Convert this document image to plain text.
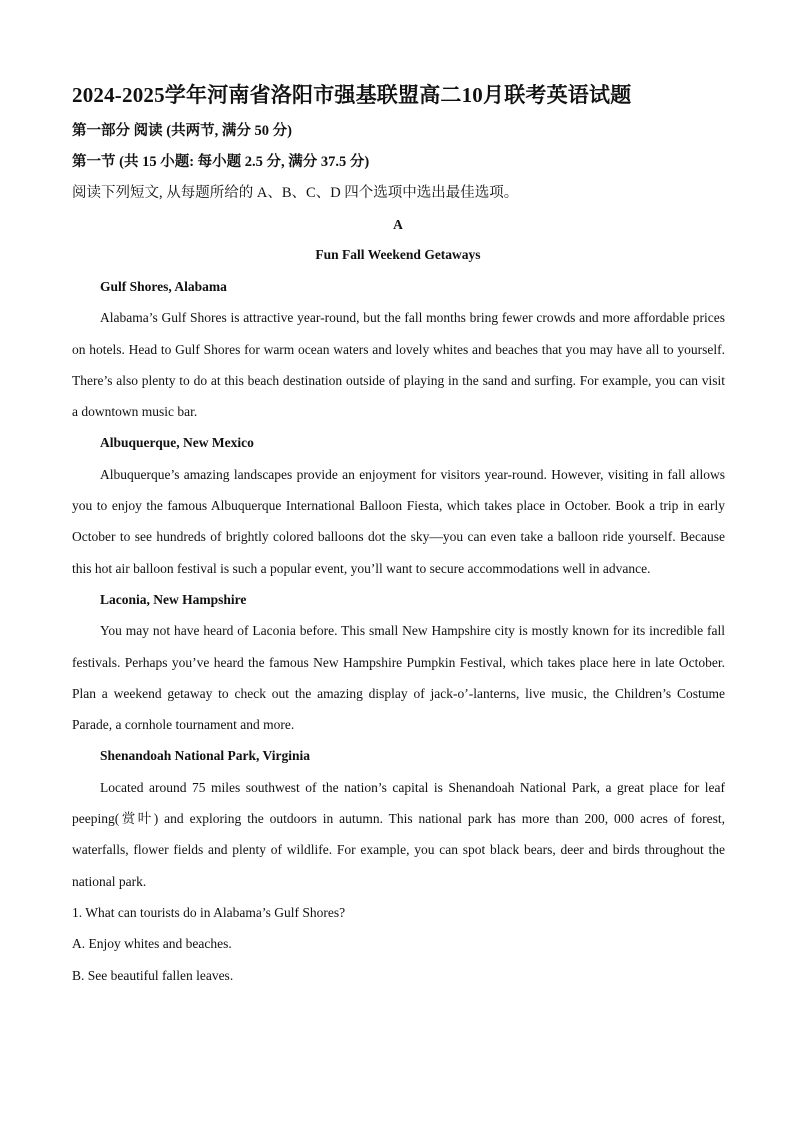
2024-2025学年河南省洛阳市强基联盟高二10月联考英语试题
第一部分 阅读 (共两节, 满分 50 分)
第一节 (共 15 小题: 每小题 2.5 分, 满分 37.5 分)
阅读下列短文, 从每题所给的 A、B、C、D 四个选项中选出最佳选项。
A
Fun Fall Weekend Getaways

Gulf Shores, Alabama

Alabama’s Gulf Shores is attractive year-round, but the fall months bring fewer crowds and more affordable prices on hotels. Head to Gulf Shores for warm ocean waters and lovely whites and beaches that you may have all to yourself. There’s also plenty to do at this beach destination outside of playing in the sand and surfing. For example, you can visit a downtown music bar.

Albuquerque, New Mexico

Albuquerque’s amazing landscapes provide an enjoyment for visitors year-round. However, visiting in fall allows you to enjoy the famous Albuquerque International Balloon Fiesta, which takes place in October. Book a trip in early October to see hundreds of brightly colored balloons dot the sky—you can even take a balloon ride yourself. Because this hot air balloon festival is such a popular event, you’ll want to secure accommodations well in advance.

Laconia, New Hampshire

You may not have heard of Laconia before. This small New Hampshire city is mostly known for its incredible fall festivals. Perhaps you’ve heard the famous New Hampshire Pumpkin Festival, which takes place here in late October. Plan a weekend getaway to check out the amazing display of jack-o’-lanterns, live music, the Children’s Costume Parade, a cornhole tournament and more.

Shenandoah National Park, Virginia

Located around 75 miles southwest of the nation’s capital is Shenandoah National Park, a great place for leaf peeping(赏叶) and exploring the outdoors in autumn. This national park has more than 200, 000 acres of forest, waterfalls, flower fields and plenty of wildlife. For example, you can spot black bears, deer and birds throughout the national park.

1. What can tourists do in Alabama’s Gulf Shores?

A. Enjoy whites and beaches.

B. See beautiful fallen leaves.
